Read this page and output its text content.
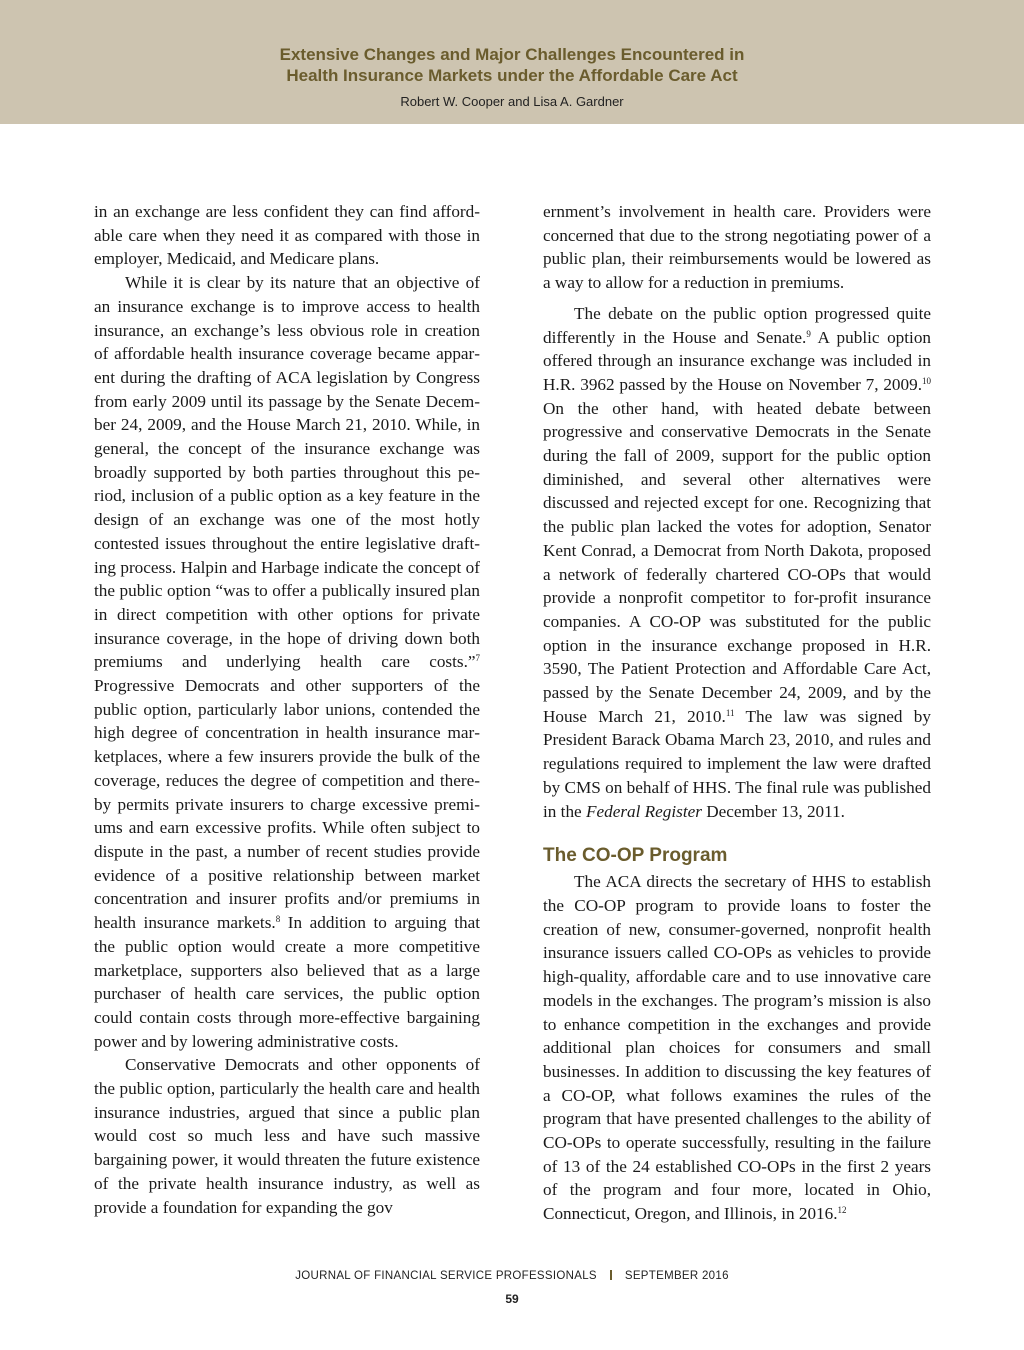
Extensive Changes and Major Challenges Encountered in
Health Insurance Markets under the Affordable Care Act
Robert W. Cooper and Lisa A. Gardner

in an exchange are less confident they can find affordable care when they need it as compared with those in employer, Medicaid, and Medicare plans.

While it is clear by its nature that an objective of an insurance exchange is to improve access to health insurance, an exchange’s less obvious role in creation of affordable health insurance coverage became apparent during the drafting of ACA legislation by Congress from early 2009 until its passage by the Senate December 24, 2009, and the House March 21, 2010. While, in general, the concept of the insurance exchange was broadly supported by both parties throughout this period, inclusion of a public option as a key feature in the design of an exchange was one of the most hotly contested issues throughout the entire legislative drafting process. Halpin and Harbage indicate the concept of the public option “was to offer a publically insured plan in direct competition with other options for private insurance coverage, in the hope of driving down both premiums and underlying health care costs.”$^7$ Progressive Democrats and other supporters of the public option, particularly labor unions, contended the high degree of concentration in health insurance marketplaces, where a few insurers provide the bulk of the coverage, reduces the degree of competition and thereby permits private insurers to charge excessive premiums and earn excessive profits. While often subject to dispute in the past, a number of recent studies provide evidence of a positive relationship between market concentration and insurer profits and/or premiums in health insurance markets.$^8$ In addition to arguing that the public option would create a more competitive marketplace, supporters also believed that as a large purchaser of health care services, the public option could contain costs through more-effective bargaining power and by lowering administrative costs.

Conservative Democrats and other opponents of the public option, particularly the health care and health insurance industries, argued that since a public plan would cost so much less and have such massive bargaining power, it would threaten the future existence of the private health insurance industry, as well as provide a foundation for expanding the gov

ernment’s involvement in health care. Providers were concerned that due to the strong negotiating power of a public plan, their reimbursements would be lowered as a way to allow for a reduction in premiums.

The debate on the public option progressed quite differently in the House and Senate.$^9$ A public option offered through an insurance exchange was included in H.R. 3962 passed by the House on November 7, 2009.10 On the other hand, with heated debate between progressive and conservative Democrats in the Senate during the fall of 2009, support for the public option diminished, and several other alternatives were discussed and rejected except for one. Recognizing that the public plan lacked the votes for adoption, Senator Kent Conrad, a Democrat from North Dakota, proposed a network of federally chartered CO-OPs that would provide a nonprofit competitor to for-profit insurance companies. A CO-OP was substituted for the public option in the insurance exchange proposed in H.R. 3590, The Patient Protection and Affordable Care Act, passed by the Senate December 24, 2009, and by the House March 21, 2010.11 The law was signed by President Barack Obama March 23, 2010, and rules and regulations required to implement the law were drafted by CMS on behalf of HHS. The final rule was published in the Federal Register December 13, 2011.

The CO-OP Program

The ACA directs the secretary of HHS to establish the CO-OP program to provide loans to foster the creation of new, consumer-governed, nonprofit health insurance issuers called CO-OPs as vehicles to provide high-quality, affordable care and to use innovative care models in the exchanges. The program’s mission is also to enhance competition in the exchanges and provide additional plan choices for consumers and small businesses. In addition to discussing the key features of a CO-OP, what follows examines the rules of the program that have presented challenges to the ability of CO-OPs to operate successfully, resulting in the failure of 13 of the 24 established CO-OPs in the first 2 years of the program and four more, located in Ohio, Connecticut, Oregon, and Illinois, in 2016.12

JOURNAL OF FINANCIAL SERVICE PROFESSIONALS SEPTEMBER 2016
59
